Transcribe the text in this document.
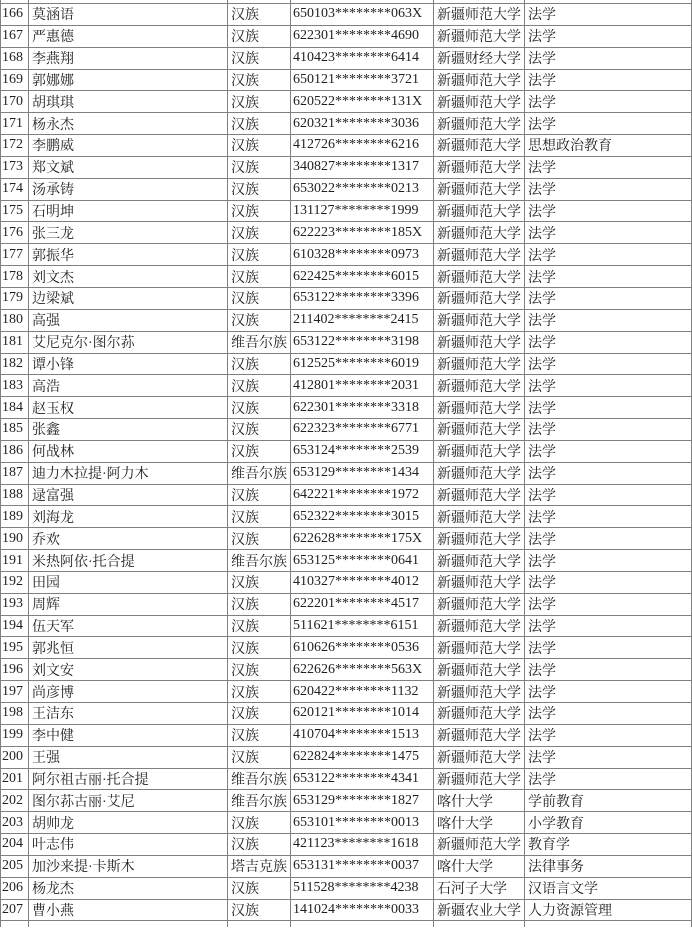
166 莫涵语	汉族	650103********063X	新疆师范大学 法学
167 严惠德	汉族	622301********4690	新疆师范大学 法学
168 李燕翔	汉族	410423********6414	新疆财经大学 法学
169 郭娜娜	汉族	650121********3721	新疆师范大学 法学
170 胡琪琪	汉族	620522********131X	新疆师范大学 法学
171 杨永杰	汉族	620321********3036	新疆师范大学 法学
172 李鹏威	汉族	412726********6216	新疆师范大学 思想政治教育
173 郑文斌	汉族	340827********1317	新疆师范大学 法学
174 汤承铸	汉族	653022********0213	新疆师范大学 法学
175 石明坤	汉族	131127********1999	新疆师范大学 法学
176 张三龙	汉族	622223********185X	新疆师范大学 法学
177 郭振华	汉族	610328********0973	新疆师范大学 法学
178 刘文杰	汉族	622425********6015	新疆师范大学 法学
179 边梁斌	汉族	653122********3396	新疆师范大学 法学
180 高强	汉族	211402********2415	新疆师范大学 法学
181 艾尼克尔·图尔荪	维吾尔族 653122********3198	新疆师范大学 法学
182 谭小锋	汉族	612525********6019	新疆师范大学 法学
183 高浩	汉族	412801********2031	新疆师范大学 法学
184 赵玉权	汉族	622301********3318	新疆师范大学 法学
185 张鑫	汉族	622323********6771	新疆师范大学 法学
186 何战林	汉族	653124********2539	新疆师范大学 法学
187 迪力木拉提·阿力木	维吾尔族 653129********1434	新疆师范大学 法学
188 逯富强	汉族	642221********1972	新疆师范大学 法学
189 刘海龙	汉族	652322********3015	新疆师范大学 法学
190 乔欢	汉族	622628********175X	新疆师范大学 法学
191 米热阿依·托合提	维吾尔族 653125********0641	新疆师范大学 法学
192 田园	汉族	410327********4012	新疆师范大学 法学
193 周辉	汉族	622201********4517	新疆师范大学 法学
194 伍天军	汉族	511621********6151	新疆师范大学 法学
195 郭兆恒	汉族	610626********0536	新疆师范大学 法学
196 刘文安	汉族	622626********563X	新疆师范大学 法学
197 尚彦博	汉族	620422********1132	新疆师范大学 法学
198 王洁东	汉族	620121********1014	新疆师范大学 法学
199 李中健	汉族	410704********1513	新疆师范大学 法学
200 王强	汉族	622824********1475	新疆师范大学 法学
201 阿尔祖古丽·托合提	维吾尔族 653122********4341	新疆师范大学 法学
202 图尔荪古丽·艾尼	维吾尔族 653129********1827	喀什大学	学前教育
203 胡帅龙	汉族	653101********0013	喀什大学	小学教育
204 叶志伟	汉族	421123********1618	新疆师范大学 教育学
205 加沙来提·卡斯木	塔吉克族 653131********0037	喀什大学	法律事务
206 杨龙杰	汉族	511528********4238	石河子大学	汉语言文学
207 曹小燕	汉族	141024********0033	新疆农业大学 人力资源管理
